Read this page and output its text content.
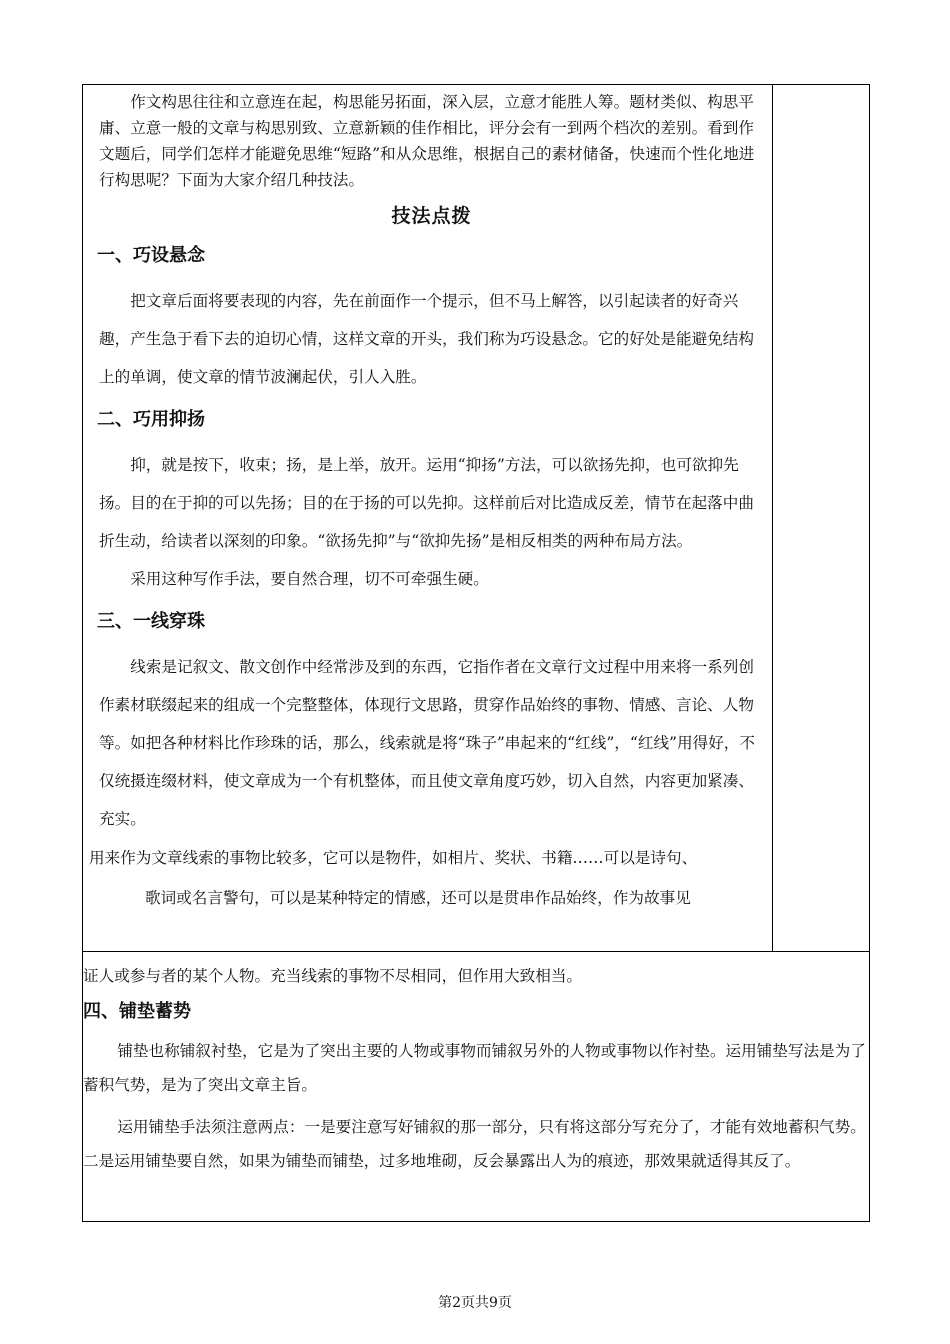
作文构思往往和立意连在起，构思能另拓面，深入层，立意才能胜人筹。题材类似、构思平庸、立意一般的文章与构思别致、立意新颖的佳作相比，评分会有一到两个档次的差别。看到作文题后，同学们怎样才能避免思维“短路”和从众思维，根据自己的素材储备，快速而个性化地进行构思呢？下面为大家介绍几种技法。

技法点拨
一、巧设悬念

把文章后面将要表现的内容，先在前面作一个提示，但不马上解答，以引起读者的好奇兴趣，产生急于看下去的迫切心情，这样文章的开头，我们称为巧设悬念。它的好处是能避免结构上的单调，使文章的情节波澜起伏，引人入胜。

二、巧用抑扬

抑，就是按下，收束；扬，是上举，放开。运用“抑扬”方法，可以欲扬先抑，也可欲抑先扬。目的在于抑的可以先扬；目的在于扬的可以先抑。这样前后对比造成反差，情节在起落中曲折生动，给读者以深刻的印象。“欲扬先抑”与“欲抑先扬”是相反相类的两种布局方法。

采用这种写作手法，要自然合理，切不可牵强生硬。

三、一线穿珠

线索是记叙文、散文创作中经常涉及到的东西，它指作者在文章行文过程中用来将一系列创作素材联缀起来的组成一个完整整体，体现行文思路，贯穿作品始终的事物、情感、言论、人物等。如把各种材料比作珍珠的话，那么，线索就是将“珠子”串起来的“红线”，“红线”用得好，不仅统摄连缀材料，使文章成为一个有机整体，而且使文章角度巧妙，切入自然，内容更加紧凑、充实。

用来作为文章线索的事物比较多，它可以是物件，如相片、奖状、书籍……可以是诗句、

歌词或名言警句，可以是某种特定的情感，还可以是贯串作品始终，作为故事见

证人或参与者的某个人物。充当线索的事物不尽相同，但作用大致相当。

四、铺垫蓄势

铺垫也称铺叙衬垫，它是为了突出主要的人物或事物而铺叙另外的人物或事物以作衬垫。运用铺垫写法是为了蓄积气势，是为了突出文章主旨。

运用铺垫手法须注意两点：一是要注意写好铺叙的那一部分，只有将这部分写充分了，才能有效地蓄积气势。二是运用铺垫要自然，如果为铺垫而铺垫，过多地堆砌，反会暴露出人为的痕迹，那效果就适得其反了。

第2页共9页
